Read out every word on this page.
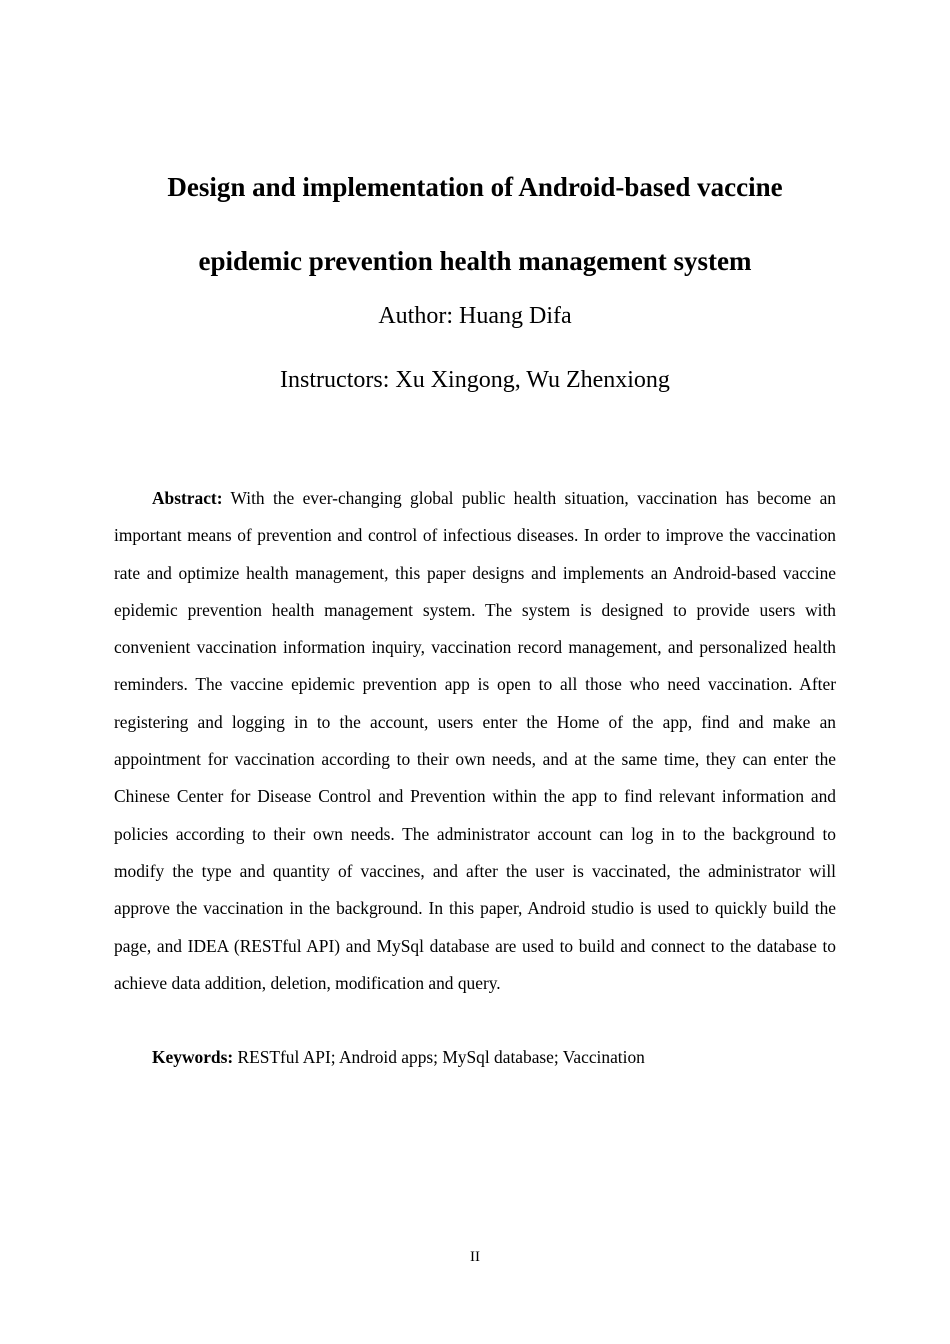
Design and implementation of Android-based vaccine
epidemic prevention health management system
Author: Huang Difa
Instructors: Xu Xingong, Wu Zhenxiong

Abstract: With the ever-changing global public health situation, vaccination has become an important means of prevention and control of infectious diseases. In order to improve the vaccination rate and optimize health management, this paper designs and implements an Android-based vaccine epidemic prevention health management system. The system is designed to provide users with convenient vaccination information inquiry, vaccination record management, and personalized health reminders. The vaccine epidemic prevention app is open to all those who need vaccination. After registering and logging in to the account, users enter the Home of the app, find and make an appointment for vaccination according to their own needs, and at the same time, they can enter the Chinese Center for Disease Control and Prevention within the app to find relevant information and policies according to their own needs. The administrator account can log in to the background to modify the type and quantity of vaccines, and after the user is vaccinated, the administrator will approve the vaccination in the background. In this paper, Android studio is used to quickly build the page, and IDEA (RESTful API) and MySql database are used to build and connect to the database to achieve data addition, deletion, modification and query.

Keywords: RESTful API; Android apps; MySql database; Vaccination

II
